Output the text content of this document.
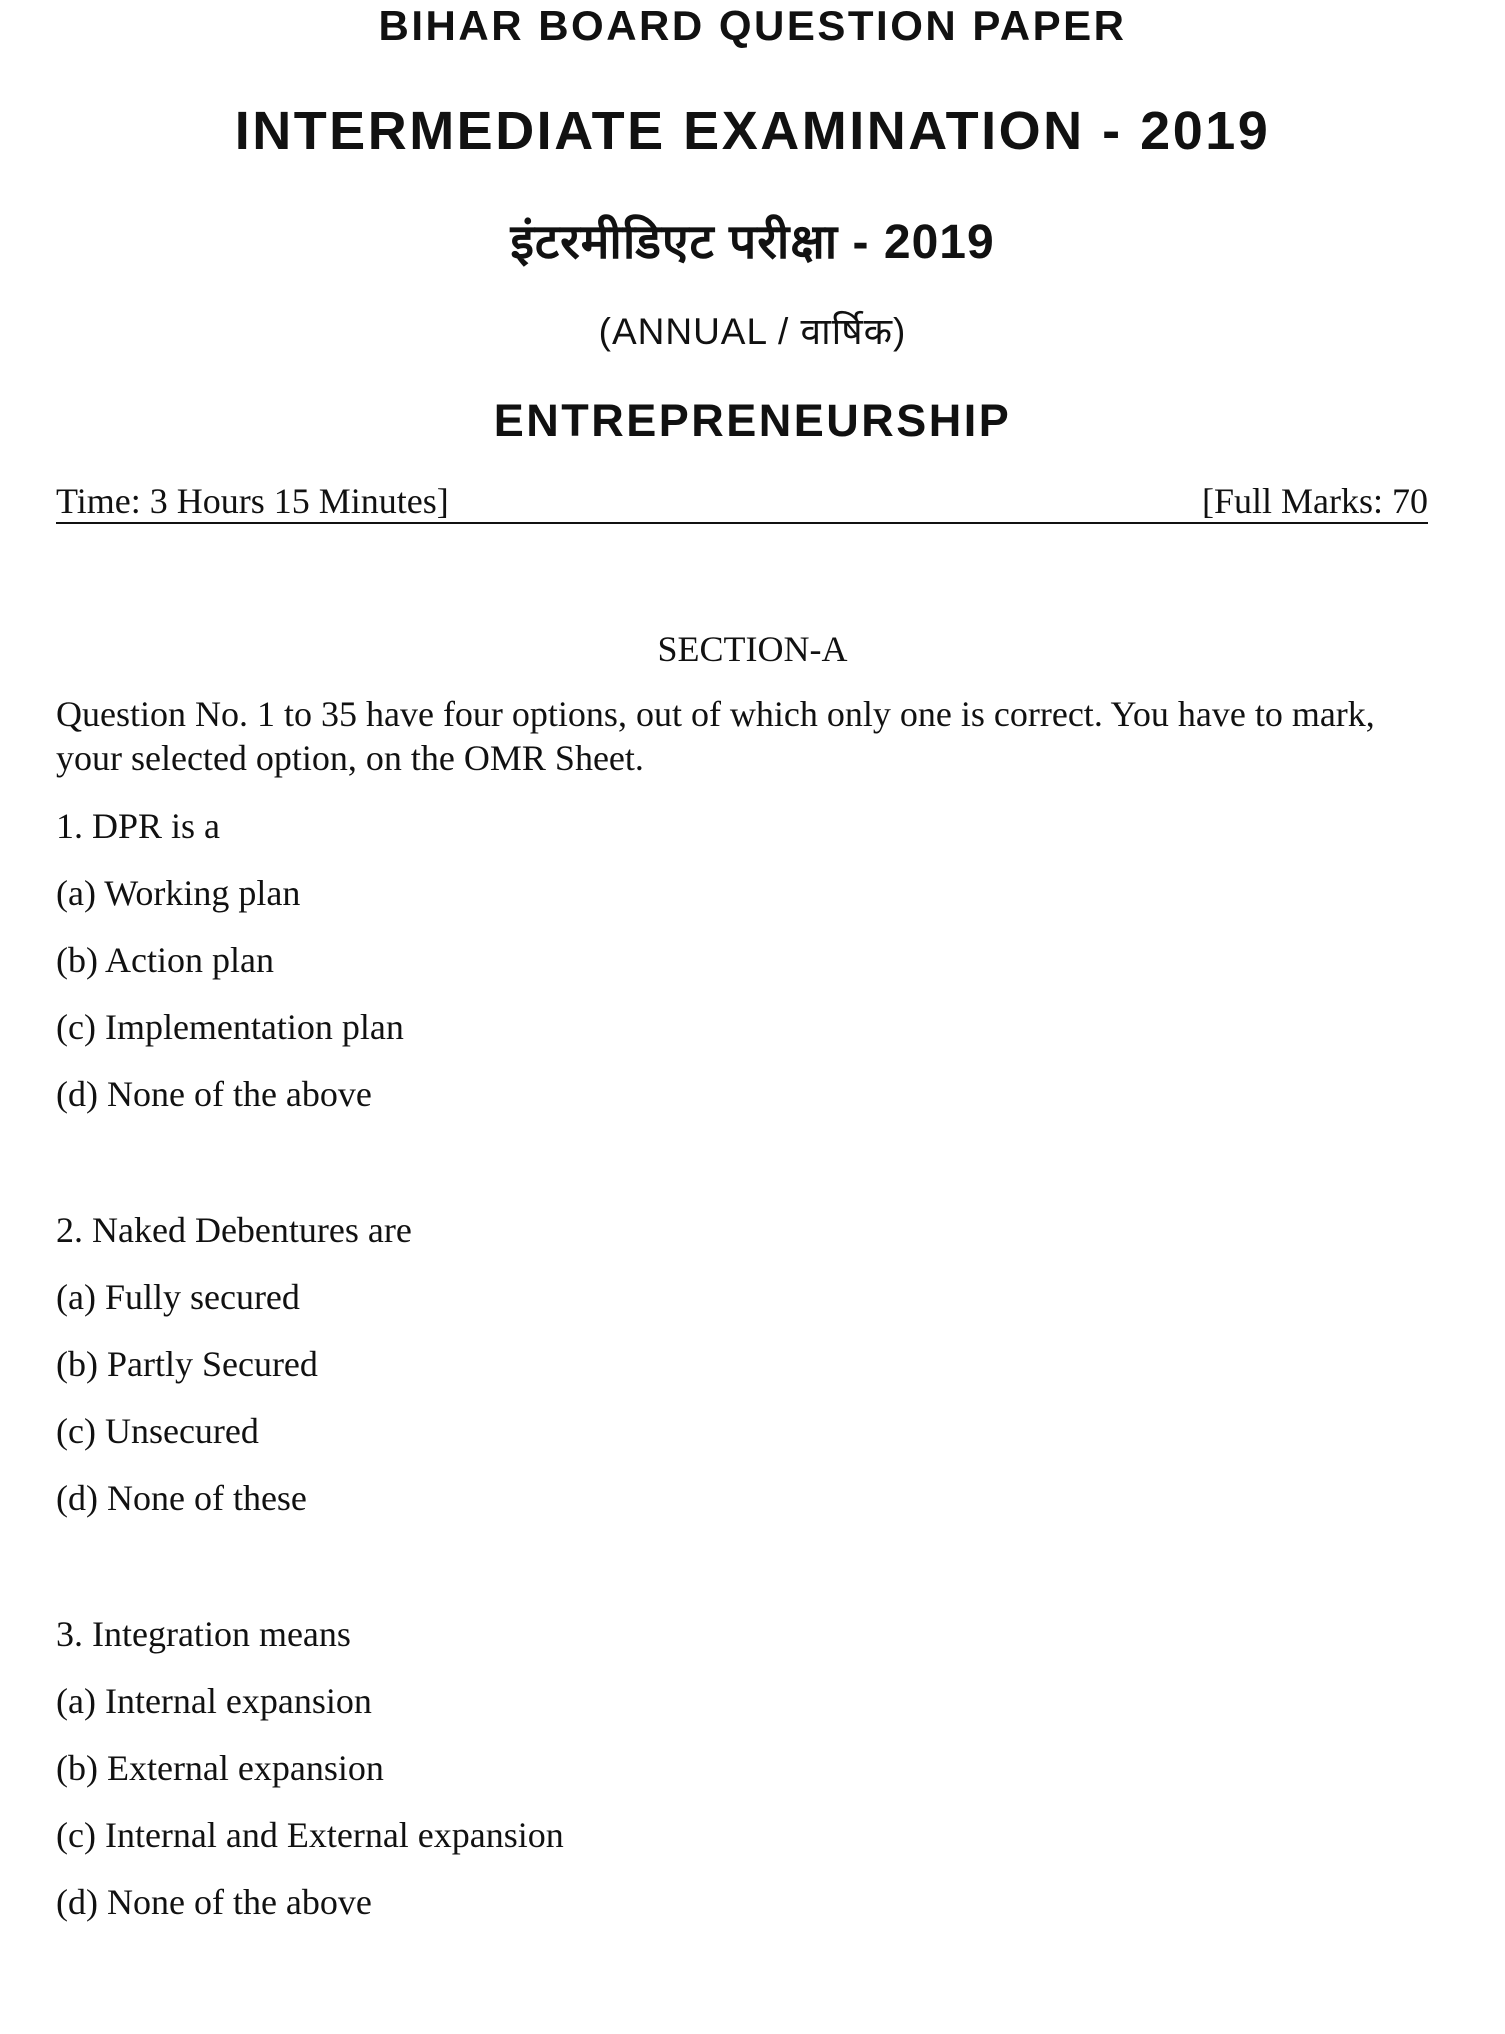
BIHAR BOARD QUESTION PAPER
INTERMEDIATE EXAMINATION - 2019
इंटरमीडिएट परीक्षा - 2019
(ANNUAL / वार्षिक)
ENTREPRENEURSHIP
Time: 3 Hours 15 Minutes]	[Full Marks: 70
SECTION-A
Question No. 1 to 35 have four options, out of which only one is correct. You have to mark, your selected option, on the OMR Sheet.
1. DPR is a
(a) Working plan
(b) Action plan
(c) Implementation plan
(d) None of the above
2. Naked Debentures are
(a) Fully secured
(b) Partly Secured
(c) Unsecured
(d) None of these
3. Integration means
(a) Internal expansion
(b) External expansion
(c) Internal and External expansion
(d) None of the above
